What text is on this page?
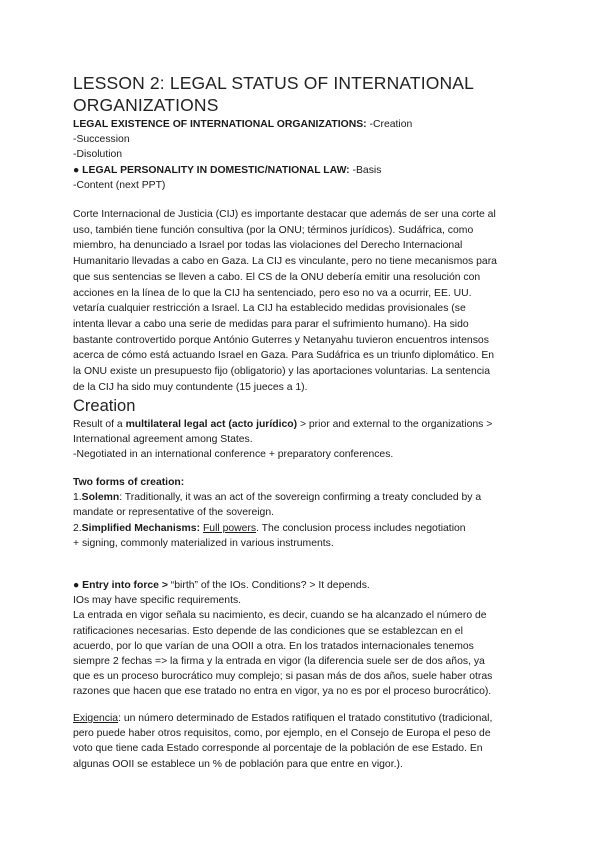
LESSON 2: LEGAL STATUS OF INTERNATIONAL ORGANIZATIONS

LEGAL EXISTENCE OF INTERNATIONAL ORGANIZATIONS: -Creation

-Succession

-Disolution

● LEGAL PERSONALITY IN DOMESTIC/NATIONAL LAW: -Basis

-Content (next PPT)

Corte Internacional de Justicia (CIJ) es importante destacar que además de ser una corte al

uso, también tiene función consultiva (por la ONU; términos jurídicos). Sudáfrica, como

miembro, ha denunciado a Israel por todas las violaciones del Derecho Internacional

Humanitario llevadas a cabo en Gaza. La CIJ es vinculante, pero no tiene mecanismos para

que sus sentencias se lleven a cabo. El CS de la ONU debería emitir una resolución con

acciones en la línea de lo que la CIJ ha sentenciado, pero eso no va a ocurrir, EE. UU.

vetaría cualquier restricción a Israel. La CIJ ha establecido medidas provisionales (se

intenta llevar a cabo una serie de medidas para parar el sufrimiento humano). Ha sido

bastante controvertido porque António Guterres y Netanyahu tuvieron encuentros intensos

acerca de cómo está actuando Israel en Gaza. Para Sudáfrica es un triunfo diplomático. En

la ONU existe un presupuesto fijo (obligatorio) y las aportaciones voluntarias. La sentencia

de la CIJ ha sido muy contundente (15 jueces a 1).

Creation

Result of a multilateral legal act (acto jurídico) > prior and external to the organizations >

International agreement among States.

-Negotiated in an international conference + preparatory conferences.

Two forms of creation:

1.Solemn: Traditionally, it was an act of the sovereign confirming a treaty concluded by a

mandate or representative of the sovereign.

2.Simplified Mechanisms: Full powers. The conclusion process includes negotiation

+ signing, commonly materialized in various instruments.

● Entry into force > “birth” of the IOs. Conditions? > It depends.

IOs may have specific requirements.

La entrada en vigor señala su nacimiento, es decir, cuando se ha alcanzado el número de

ratificaciones necesarias. Esto depende de las condiciones que se establezcan en el

acuerdo, por lo que varían de una OOII a otra. En los tratados internacionales tenemos

siempre 2 fechas => la firma y la entrada en vigor (la diferencia suele ser de dos años, ya

que es un proceso burocrático muy complejo; si pasan más de dos años, suele haber otras

razones que hacen que ese tratado no entra en vigor, ya no es por el proceso burocrático).

Exigencia: un número determinado de Estados ratifiquen el tratado constitutivo (tradicional,

pero puede haber otros requisitos, como, por ejemplo, en el Consejo de Europa el peso de

voto que tiene cada Estado corresponde al porcentaje de la población de ese Estado. En

algunas OOII se establece un % de población para que entre en vigor.).
